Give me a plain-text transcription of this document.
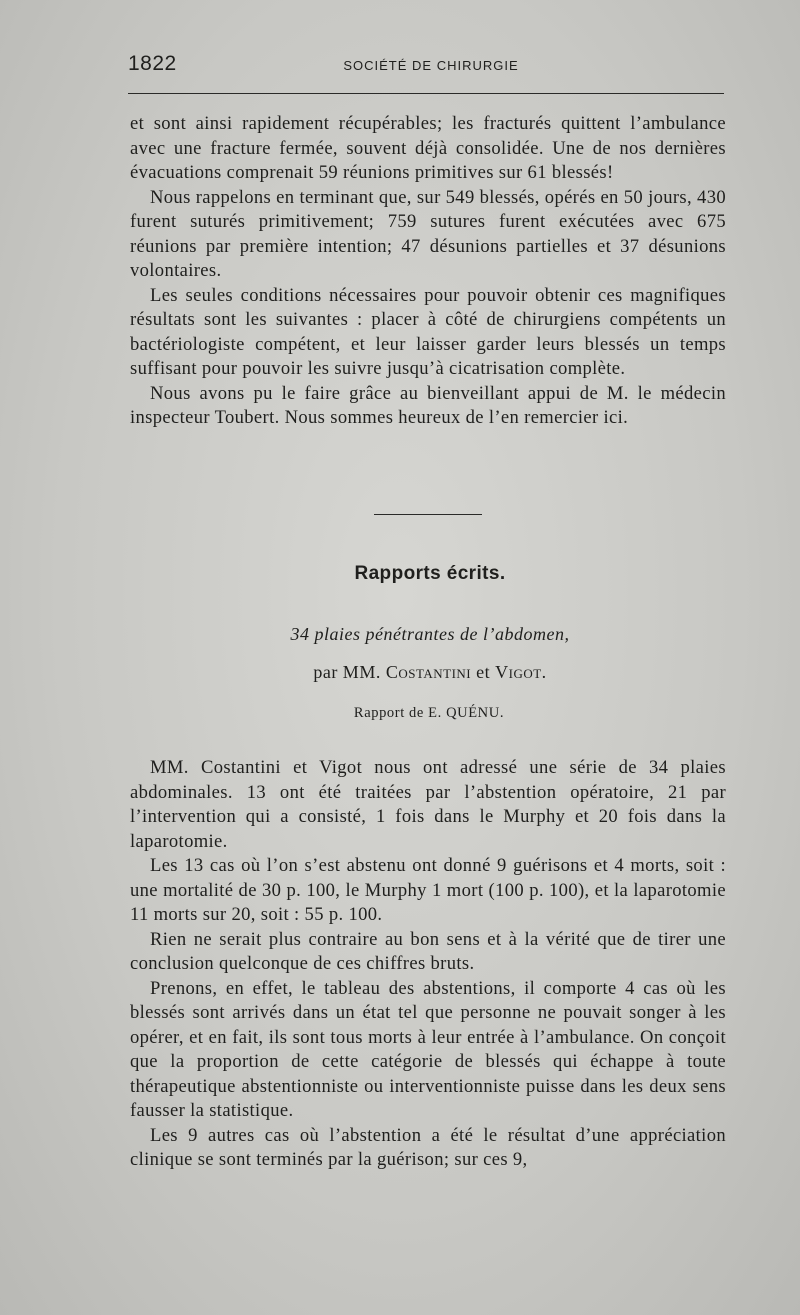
1822	SOCIÉTÉ DE CHIRURGIE

et sont ainsi rapidement récupérables; les fracturés quittent l’ambulance avec une fracture fermée, souvent déjà consolidée. Une de nos dernières évacuations comprenait 59 réunions primitives sur 61 blessés!

Nous rappelons en terminant que, sur 549 blessés, opérés en 50 jours, 430 furent suturés primitivement; 759 sutures furent exécutées avec 675 réunions par première intention; 47 désunions partielles et 37 désunions volontaires.

Les seules conditions nécessaires pour pouvoir obtenir ces magnifiques résultats sont les suivantes : placer à côté de chirurgiens compétents un bactériologiste compétent, et leur laisser garder leurs blessés un temps suffisant pour pouvoir les suivre jusqu’à cicatrisation complète.

Nous avons pu le faire grâce au bienveillant appui de M. le médecin inspecteur Toubert. Nous sommes heureux de l’en remercier ici.

Rapports écrits.
34 plaies pénétrantes de l’abdomen,
par MM. Costantini et Vigot.
Rapport de E. QUÉNU.

MM. Costantini et Vigot nous ont adressé une série de 34 plaies abdominales. 13 ont été traitées par l’abstention opératoire, 21 par l’intervention qui a consisté, 1 fois dans le Murphy et 20 fois dans la laparotomie.

Les 13 cas où l’on s’est abstenu ont donné 9 guérisons et 4 morts, soit : une mortalité de 30 p. 100, le Murphy 1 mort (100 p. 100), et la laparotomie 11 morts sur 20, soit : 55 p. 100.

Rien ne serait plus contraire au bon sens et à la vérité que de tirer une conclusion quelconque de ces chiffres bruts.

Prenons, en effet, le tableau des abstentions, il comporte 4 cas où les blessés sont arrivés dans un état tel que personne ne pouvait songer à les opérer, et en fait, ils sont tous morts à leur entrée à l’ambulance. On conçoit que la proportion de cette catégorie de blessés qui échappe à toute thérapeutique abstentionniste ou interventionniste puisse dans les deux sens fausser la statistique.

Les 9 autres cas où l’abstention a été le résultat d’une appréciation clinique se sont terminés par la guérison; sur ces 9,
